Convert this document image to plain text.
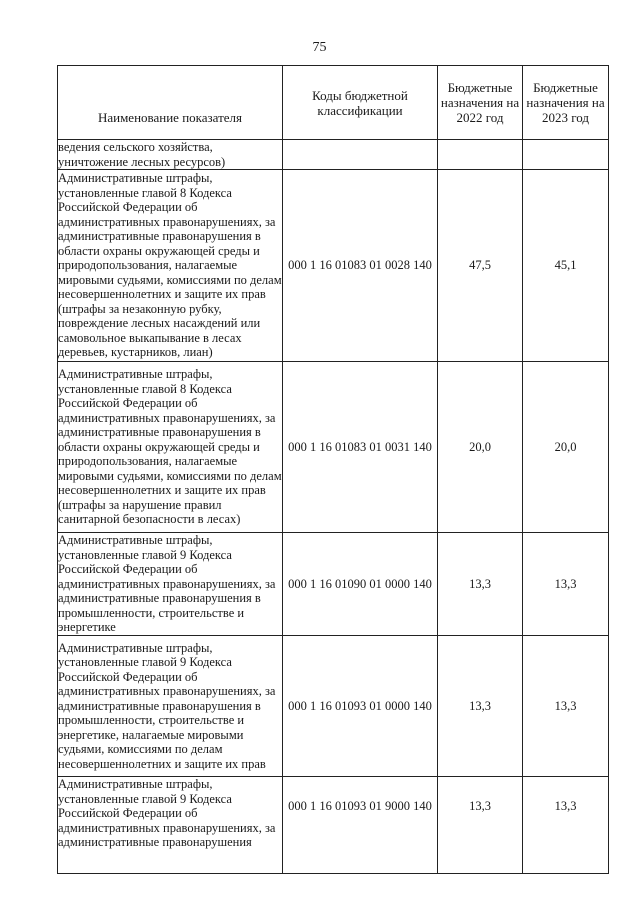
75
Наименование показателя	Коды бюджетной классификации	Бюджетные назначения на 2022 год	Бюджетные назначения на 2023 год
ведения сельского хозяйства, уничтожение лесных ресурсов)			
Административные штрафы, установленные главой 8 Кодекса Российской Федерации об административных правонарушениях, за административные правонарушения в области охраны окружающей среды и природопользования, налагаемые мировыми судьями, комиссиями по делам несовершеннолетних и защите их прав (штрафы за незаконную рубку, повреждение лесных насаждений или самовольное выкапывание в лесах деревьев, кустарников, лиан)	000 1 16 01083 01 0028 140	47,5	45,1
Административные штрафы, установленные главой 8 Кодекса Российской Федерации об административных правонарушениях, за административные правонарушения в области охраны окружающей среды и природопользования, налагаемые мировыми судьями, комиссиями по делам несовершеннолетних и защите их прав (штрафы за нарушение правил санитарной безопасности в лесах)	000 1 16 01083 01 0031 140	20,0	20,0
Административные штрафы, установленные главой 9 Кодекса Российской Федерации об административных правонарушениях, за административные правонарушения в промышленности, строительстве и энергетике	000 1 16 01090 01 0000 140	13,3	13,3
Административные штрафы, установленные главой 9 Кодекса Российской Федерации об административных правонарушениях, за административные правонарушения в промышленности, строительстве и энергетике, налагаемые мировыми судьями, комиссиями по делам несовершеннолетних и защите их прав	000 1 16 01093 01 0000 140	13,3	13,3
Административные штрафы, установленные главой 9 Кодекса Российской Федерации об административных правонарушениях, за административные правонарушения	000 1 16 01093 01 9000 140	13,3	13,3
